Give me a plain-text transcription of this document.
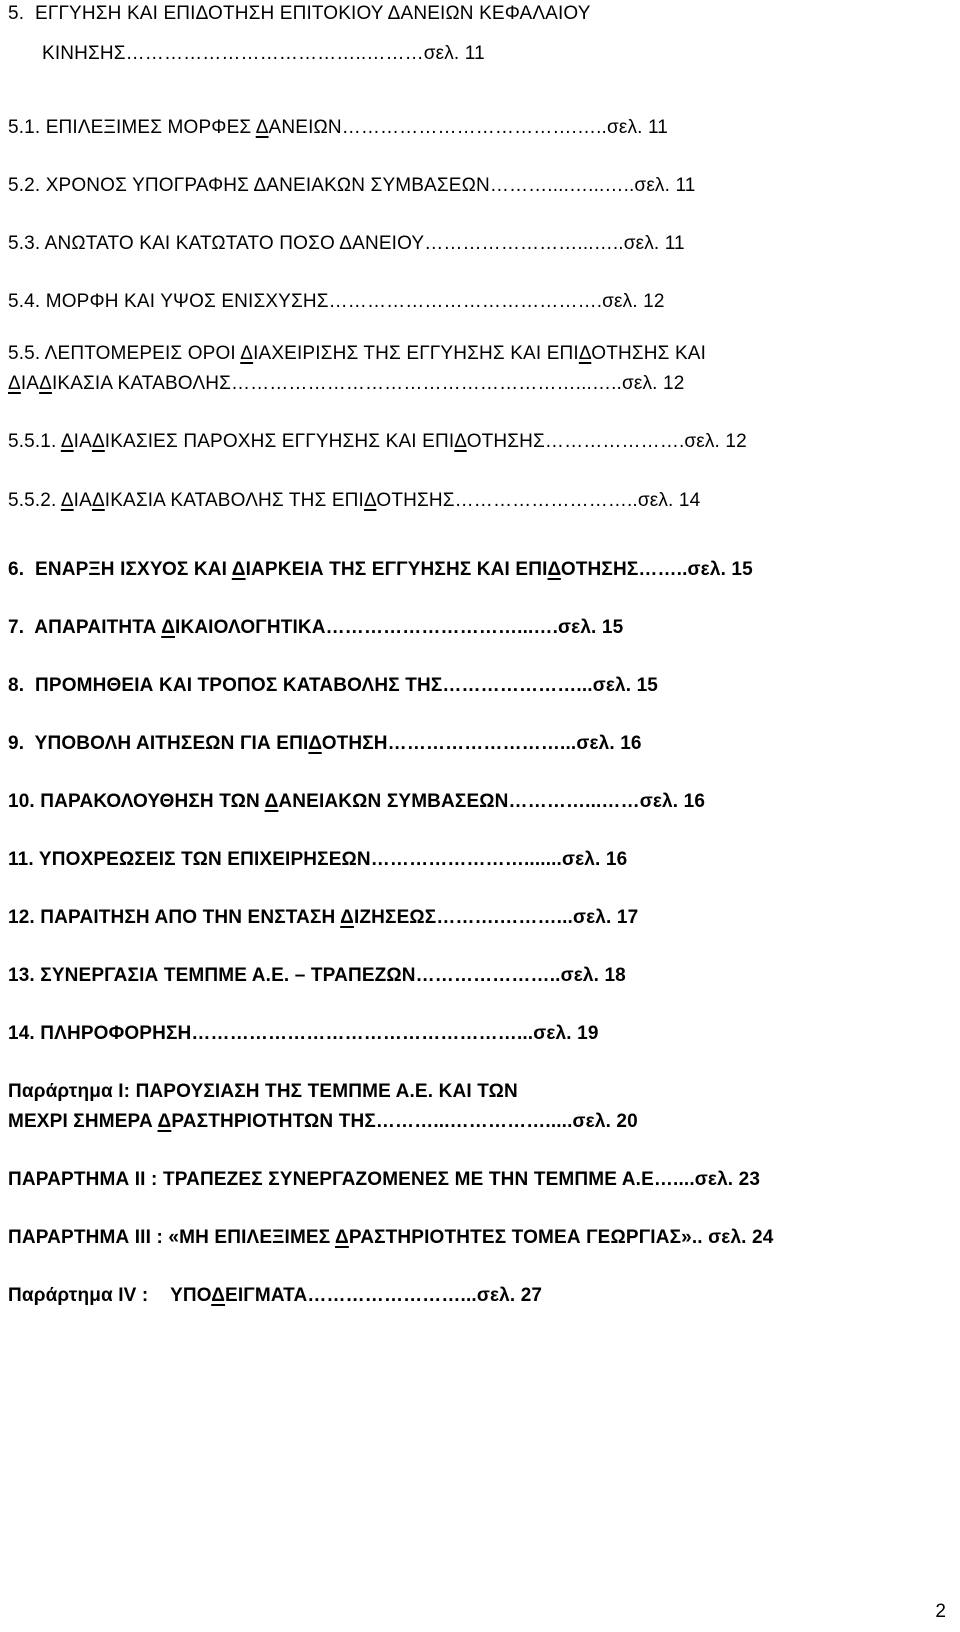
5.  ΕΓΓΥΗΣΗ ΚΑΙ ΕΠΙΔΟΤΗΣΗ ΕΠΙΤΟΚΙΟΥ ΔΑΝΕΙΩΝ ΚΕΦΑΛΑΙΟΥ
ΚΙΝΗΣΗΣ………………………………..………σελ. 11
5.1. ΕΠΙΛΕΞΙΜΕΣ ΜΟΡΦΕΣ ΔΑΝΕΙΩΝ……………………………….…..σελ. 11
5.2. ΧΡΟΝΟΣ ΥΠΟΓΡΑΦΗΣ ΔΑΝΕΙΑΚΩΝ ΣΥΜΒΑΣΕΩΝ………....…...…..σελ. 11
5.3. ΑΝΩΤΑΤΟ ΚΑΙ ΚΑΤΩΤΑΤΟ ΠΟΣΟ ΔΑΝΕΙΟΥ……………………...…..σελ. 11
5.4. ΜΟΡΦΗ ΚΑΙ ΥΨΟΣ ΕΝΙΣΧΥΣΗΣ…………………………………….σελ. 12
5.5. ΛΕΠΤΟΜΕΡΕΙΣ ΟΡΟΙ ΔΙΑΧΕΙΡΙΣΗΣ ΤΗΣ ΕΓΓΥΗΣΗΣ ΚΑΙ ΕΠΙΔΟΤΗΣΗΣ ΚΑΙ
ΔΙΑΔΙΚΑΣΙΑ ΚΑΤΑΒΟΛΗΣ………………………………………………...…..σελ. 12
5.5.1. ΔΙΑΔΙΚΑΣΙΕΣ ΠΑΡΟΧΗΣ ΕΓΓΥΗΣΗΣ ΚΑΙ ΕΠΙΔΟΤΗΣΗΣ………………….σελ. 12
5.5.2. ΔΙΑΔΙΚΑΣΙΑ ΚΑΤΑΒΟΛΗΣ ΤΗΣ ΕΠΙΔΟΤΗΣΗΣ………………………..σελ. 14
6.  ΕΝΑΡΞΗ ΙΣΧΥΟΣ ΚΑΙ ΔΙΑΡΚΕΙΑ ΤΗΣ ΕΓΓΥΗΣΗΣ ΚΑΙ ΕΠΙΔΟΤΗΣΗΣ……..σελ. 15
7.  ΑΠΑΡΑΙΤΗΤΑ ΔΙΚΑΙΟΛΟΓΗΤΙΚΑ…………………………...….σελ. 15
8.  ΠΡΟΜΗΘΕΙΑ ΚΑΙ ΤΡΟΠΟΣ ΚΑΤΑΒΟΛΗΣ ΤΗΣ…………………...σελ. 15
9.  ΥΠΟΒΟΛΗ ΑΙΤΗΣΕΩΝ ΓΙΑ ΕΠΙΔΟΤΗΣΗ………………………...σελ. 16
10. ΠΑΡΑΚΟΛΟΥΘΗΣΗ ΤΩΝ ΔΑΝΕΙΑΚΩΝ ΣΥΜΒΑΣΕΩΝ…………...……σελ. 16
11. ΥΠΟΧΡΕΩΣΕΙΣ ΤΩΝ ΕΠΙΧΕΙΡΗΣΕΩΝ…………………….......σελ. 16
12. ΠΑΡΑΙΤΗΣΗ ΑΠΟ ΤΗΝ ΕΝΣΤΑΣΗ ΔΙΖΗΣΕΩΣ……….………...σελ. 17
13. ΣΥΝΕΡΓΑΣΙΑ ΤΕΜΠΜΕ Α.Ε. – ΤΡΑΠΕΖΩΝ…………………..σελ. 18
14. ΠΛΗΡΟΦΟΡΗΣΗ……………………………………………...σελ. 19
Παράρτημα Ι: ΠΑΡΟΥΣΙΑΣΗ ΤΗΣ ΤΕΜΠΜΕ Α.Ε. ΚΑΙ ΤΩΝ
ΜΕΧΡΙ ΣΗΜΕΡΑ ΔΡΑΣΤΗΡΙΟΤΗΤΩΝ ΤΗΣ………...…………….....σελ. 20
ΠΑΡΑΡΤΗΜΑ ΙΙ : ΤΡΑΠΕΖΕΣ ΣΥΝΕΡΓΑΖΟΜΕΝΕΣ ΜΕ ΤΗΝ ΤΕΜΠΜΕ Α.Ε…....σελ. 23
ΠΑΡΑΡΤΗΜΑ ΙΙΙ : «ΜΗ ΕΠΙΛΕΞΙΜΕΣ ΔΡΑΣΤΗΡΙΟΤΗΤΕΣ ΤΟΜΕΑ ΓΕΩΡΓΙΑΣ».. σελ. 24
Παράρτημα IV :    ΥΠΟΔΕΙΓΜΑΤΑ……………………...σελ. 27
2
